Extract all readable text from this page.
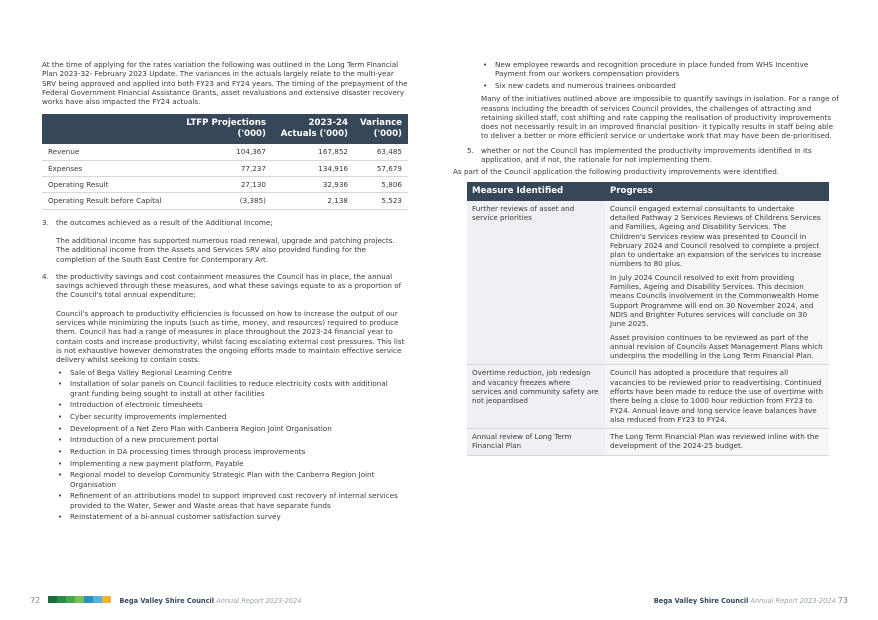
At the time of applying for the rates variation the following was outlined in the Long Term Financial Plan 2023-32- February 2023 Update. The variances in the actuals largely relate to the multi-year SRV being approved and applied into both FY23 and FY24 years. The timing of the prepayment of the Federal Government Financial Assistance Grants, asset revaluations and extensive disaster recovery works have also impacted the FY24 actuals.

	LTFP Projections ('000)	2023-24 Actuals ('000)	Variance ('000)
Revenue	104,367	167,852	63,485
Expenses	77,237	134,916	57,679
Operating Result	27,130	32,936	5,806
Operating Result before Capital	(3,385)	2,138	5,523
3. the outcomes achieved as a result of the Additional Income;

The additional income has supported numerous road renewal, upgrade and patching projects. The additional income from the Assets and Services SRV also provided funding for the completion of the South East Centre for Contemporary Art.

4. the productivity savings and cost containment measures the Council has in place, the annual savings achieved through these measures, and what these savings equate to as a proportion of the Council's total annual expenditure;

Council's approach to productivity efficiencies is focussed on how to increase the output of our services while minimizing the inputs (such as time, money, and resources) required to produce them. Council has had a range of measures in place throughout the 2023-24 financial year to contain costs and increase productivity, whilst facing escalating external cost pressures. This list is not exhaustive however demonstrates the ongoing efforts made to maintain effective service delivery whilst seeking to contain costs.

• Sale of Bega Valley Regional Learning Centre
• Installation of solar panels on Council facilities to reduce electricity costs with additional grant funding being sought to install at other facilities
• Introduction of electronic timesheets
• Cyber security improvements implemented
• Development of a Net Zero Plan with Canberra Region Joint Organisation
• Introduction of a new procurement portal
• Reduction in DA processing times through process improvements
• Implementing a new payment platform, Payable
• Regional model to develop Community Strategic Plan with the Canberra Region Joint Organisation
• Refinement of an attributions model to support improved cost recovery of internal services provided to the Water, Sewer and Waste areas that have separate funds
• Reinstatement of a bi-annual customer satisfaction survey
72	Bega Valley Shire Council Annual Report 2023-2024
• New employee rewards and recognition procedure in place funded from WHS Incentive Payment from our workers compensation providers
• Six new cadets and numerous trainees onboarded

Many of the initiatives outlined above are impossible to quantify savings in isolation. For a range of reasons including the breadth of services Council provides, the challenges of attracting and retaining skilled staff, cost shifting and rate capping the realisation of productivity improvements does not necessarily result in an improved financial position- it typically results in staff being able to deliver a better or more efficient service or undertake work that may have been de-prioritised.

5. whether or not the Council has implemented the productivity improvements identified in its application, and if not, the rationale for not implementing them.

As part of the Council application the following productivity improvements were identified.

Measure Identified	Progress
Further reviews of asset and service priorities	Council engaged external consultants to undertake detailed Pathway 2 Services Reviews of Childrens Services and Families, Ageing and Disability Services. The Children's Services review was presented to Council in February 2024 and Council resolved to complete a project plan to undertake an expansion of the services to increase numbers to 80 plus.

In July 2024 Council resolved to exit from providing Families, Ageing and Disability Services. This decision means Councils involvement in the Commonwealth Home Support Programme will end on 30 November 2024, and NDIS and Brighter Futures services will conclude on 30 June 2025.

Asset provision continues to be reviewed as part of the annual revision of Councils Asset Management Plans which underpins the modelling in the Long Term Financial Plan.

Overtime reduction, job redesign and vacancy freezes where services and community safety are not jeopardised	Council has adopted a procedure that requires all vacancies to be reviewed prior to readvertising. Continued efforts have been made to reduce the use of overtime with there being a close to 1000 hour reduction from FY23 to FY24. Annual leave and long service leave balances have also reduced from FY23 to FY24.

Annual review of Long Term Financial Plan	The Long Term Financial Plan was reviewed inline with the development of the 2024-25 budget.

Bega Valley Shire Council Annual Report 2023-2024 73
